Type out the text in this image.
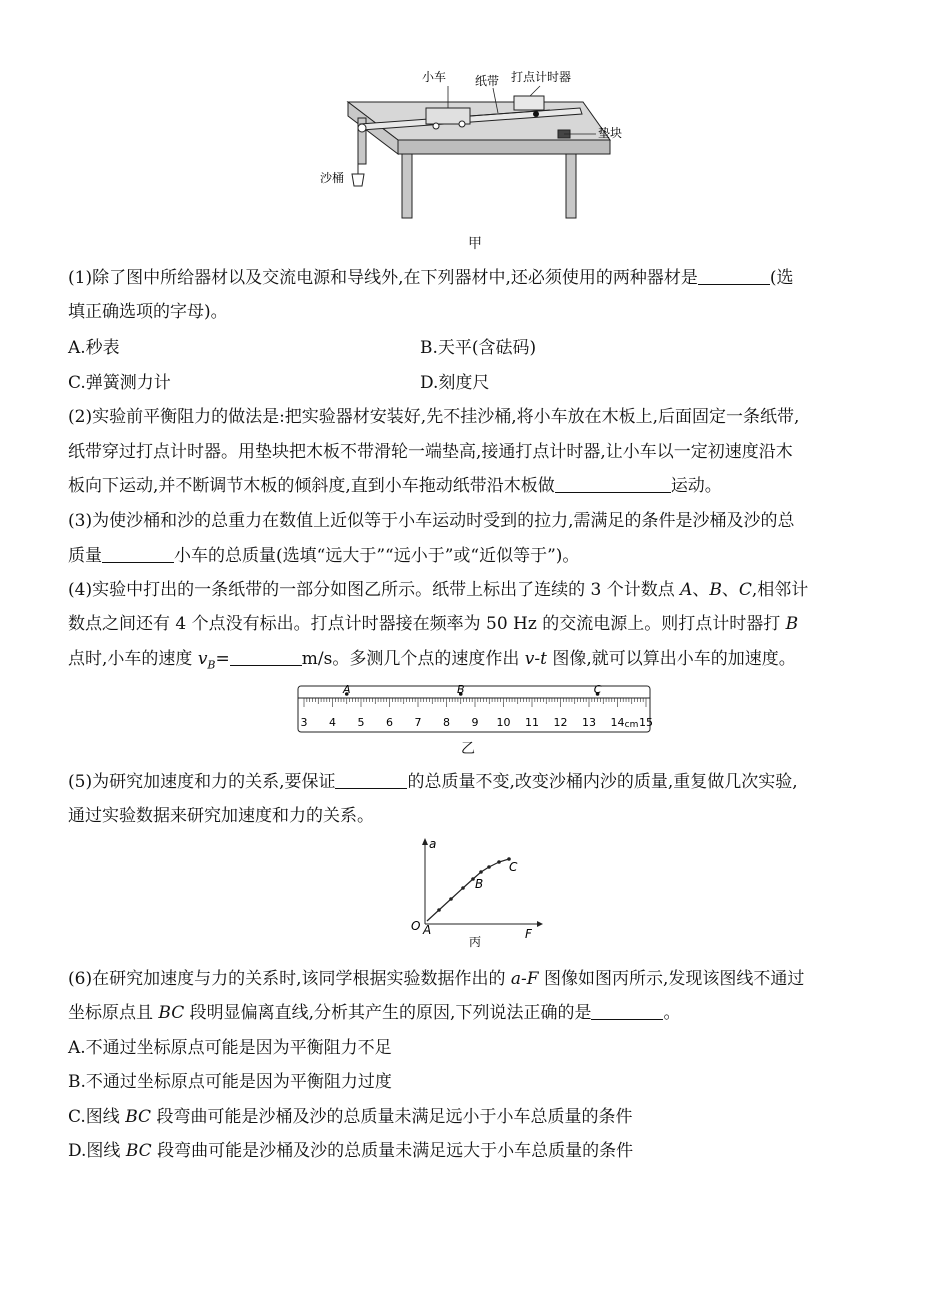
小车 纸带 打点计时器
垫块
沙桶
甲

(1)除了图中所给器材以及交流电源和导线外,在下列器材中,还必须使用的两种器材是	(选

填正确选项的字母)。

A.秒表	B.天平(含砝码)
C.弹簧测力计	D.刻度尺

(2)实验前平衡阻力的做法是:把实验器材安装好,先不挂沙桶,将小车放在木板上,后面固定一条纸带,

纸带穿过打点计时器。用垫块把木板不带滑轮一端垫高,接通打点计时器,让小车以一定初速度沿木

板向下运动,并不断调节木板的倾斜度,直到小车拖动纸带沿木板做	运动。

(3)为使沙桶和沙的总重力在数值上近似等于小车运动时受到的拉力,需满足的条件是沙桶及沙的总

质量	小车的总质量(选填“远大于”“远小于”或“近似等于”)。

(4)实验中打出的一条纸带的一部分如图乙所示。纸带上标出了连续的 3 个计数点 A、B、C,相邻计

数点之间还有 4 个点没有标出。打点计时器接在频率为 50 Hz 的交流电源上。则打点计时器打 B

点时,小车的速度 $v_B=$	m/s。多测几个点的速度作出 v-t 图像,就可以算出小车的加速度。

A	B	C
3 4 5 6 7 8 9 10 11 12 13 14 cm 15
乙

(5)为研究加速度和力的关系,要保证	的总质量不变,改变沙桶内沙的质量,重复做几次实验,

通过实验数据来研究加速度和力的关系。

a
F
O A
B
C
丙

(6)在研究加速度与力的关系时,该同学根据实验数据作出的 a-F 图像如图丙所示,发现该图线不通过

坐标原点且 BC 段明显偏离直线,分析其产生的原因,下列说法正确的是	。

A.不通过坐标原点可能是因为平衡阻力不足

B.不通过坐标原点可能是因为平衡阻力过度

C.图线 BC 段弯曲可能是沙桶及沙的总质量未满足远小于小车总质量的条件

D.图线 BC 段弯曲可能是沙桶及沙的总质量未满足远大于小车总质量的条件
